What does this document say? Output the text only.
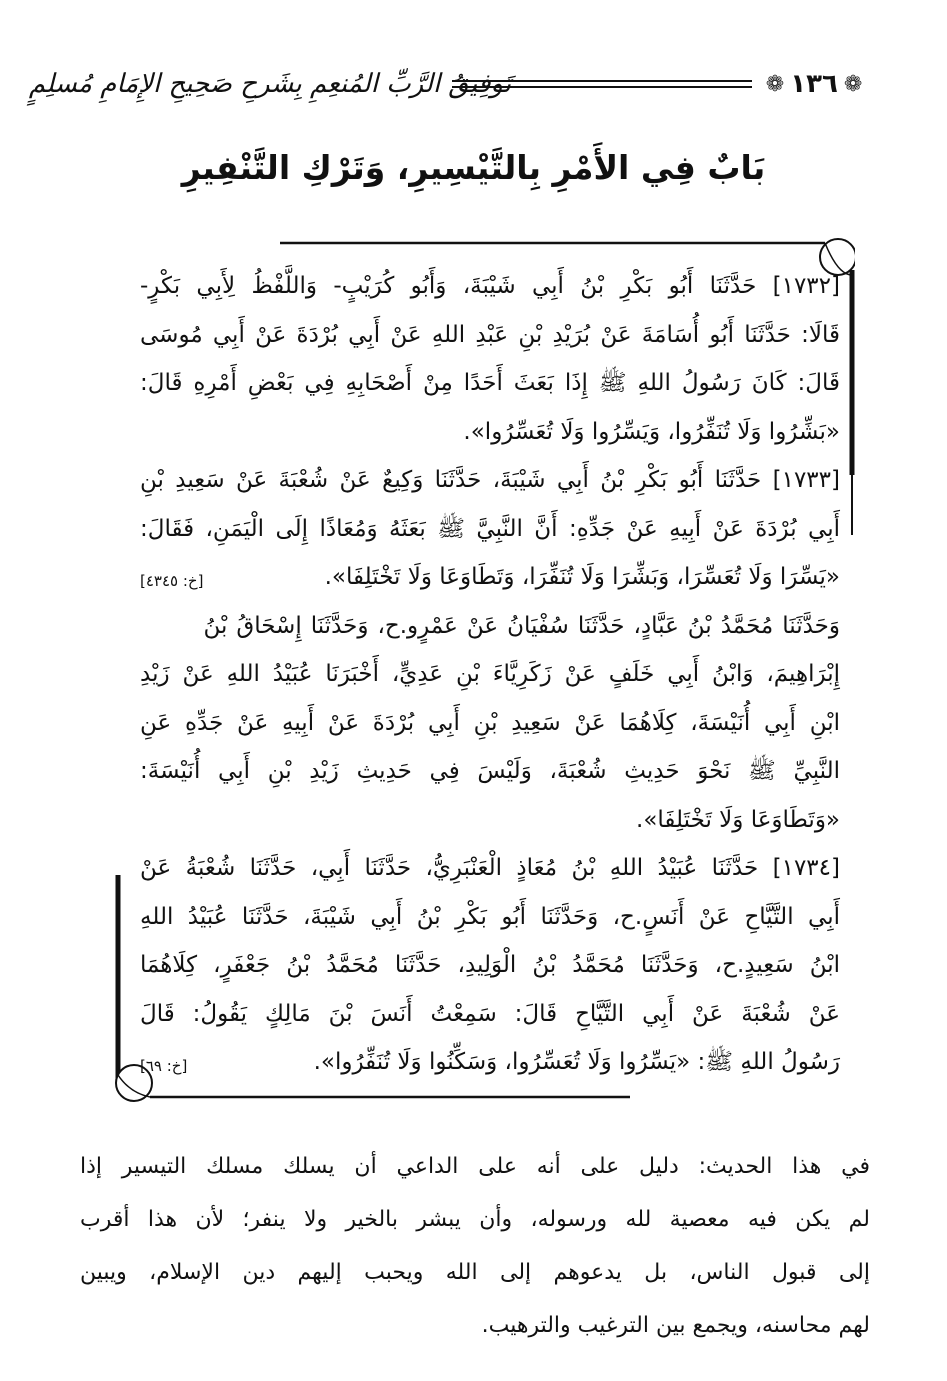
تَوفِيقُ الرَّبِّ المُنعِمِ بِشَرحِ صَحِيحِ الإِمَامِ مُسلِمٍ	❁
١٣٦
❁
بَابٌ فِي الأَمْرِ بِالتَّيْسِيرِ، وَتَرْكِ التَّنْفِيرِ

[١٧٣٢] حَدَّثَنَا أَبُو بَكْرِ بْنُ أَبِي شَيْبَةَ، وَأَبُو كُرَيْبٍ- وَاللَّفْظُ لِأَبِي بَكْرٍ-
قَالَا: حَدَّثَنَا أَبُو أُسَامَةَ عَنْ بُرَيْدِ بْنِ عَبْدِ اللهِ عَنْ أَبِي بُرْدَةَ عَنْ أَبِي مُوسَى
قَالَ: كَانَ رَسُولُ اللهِ ﷺ إِذَا بَعَثَ أَحَدًا مِنْ أَصْحَابِهِ فِي بَعْضِ أَمْرِهِ قَالَ:
«بَشِّرُوا وَلَا تُنَفِّرُوا، وَيَسِّرُوا وَلَا تُعَسِّرُوا».

[١٧٣٣] حَدَّثَنَا أَبُو بَكْرِ بْنُ أَبِي شَيْبَةَ، حَدَّثَنَا وَكِيعٌ عَنْ شُعْبَةَ عَنْ سَعِيدِ بْنِ
أَبِي بُرْدَةَ عَنْ أَبِيهِ عَنْ جَدِّهِ: أَنَّ النَّبِيَّ ﷺ بَعَثَهُ وَمُعَاذًا إِلَى الْيَمَنِ، فَقَالَ:
«يَسِّرَا وَلَا تُعَسِّرَا، وَبَشِّرَا وَلَا تُنَفِّرَا، وَتَطَاوَعَا وَلَا تَخْتَلِفَا».
[خ: ٤٣٤٥]

وَحَدَّثَنَا مُحَمَّدُ بْنُ عَبَّادٍ، حَدَّثَنَا سُفْيَانُ عَنْ عَمْرٍو.ح، وَحَدَّثَنَا إِسْحَاقُ بْنُ
إِبْرَاهِيمَ، وَابْنُ أَبِي خَلَفٍ عَنْ زَكَرِيَّاءَ بْنِ عَدِيٍّ، أَخْبَرَنَا عُبَيْدُ اللهِ عَنْ زَيْدِ
ابْنِ أَبِي أُنَيْسَةَ، كِلَاهُمَا عَنْ سَعِيدِ بْنِ أَبِي بُرْدَةَ عَنْ أَبِيهِ عَنْ جَدِّهِ عَنِ
النَّبِيِّ ﷺ نَحْوَ حَدِيثِ شُعْبَةَ، وَلَيْسَ فِي حَدِيثِ زَيْدِ بْنِ أَبِي أُنَيْسَةَ:
«وَتَطَاوَعَا وَلَا تَخْتَلِفَا».

[١٧٣٤] حَدَّثَنَا عُبَيْدُ اللهِ بْنُ مُعَاذٍ الْعَنْبَرِيُّ، حَدَّثَنَا أَبِي، حَدَّثَنَا شُعْبَةُ عَنْ
أَبِي التَّيَّاحِ عَنْ أَنَسٍ.ح، وَحَدَّثَنَا أَبُو بَكْرِ بْنُ أَبِي شَيْبَةَ، حَدَّثَنَا عُبَيْدُ اللهِ
ابْنُ سَعِيدٍ.ح، وَحَدَّثَنَا مُحَمَّدُ بْنُ الْوَلِيدِ، حَدَّثَنَا مُحَمَّدُ بْنُ جَعْفَرٍ، كِلَاهُمَا
عَنْ شُعْبَةَ عَنْ أَبِي التَّيَّاحِ قَالَ: سَمِعْتُ أَنَسَ بْنَ مَالِكٍ يَقُولُ: قَالَ
رَسُولُ اللهِ ﷺ: «يَسِّرُوا وَلَا تُعَسِّرُوا، وَسَكِّنُوا وَلَا تُنَفِّرُوا».
[خ: ٦٩]

في هذا الحديث: دليل على أنه على الداعي أن يسلك مسلك التيسير إذا
لم يكن فيه معصية لله ورسوله، وأن يبشر بالخير ولا ينفر؛ لأن هذا أقرب
إلى قبول الناس، بل يدعوهم إلى الله ويحبب إليهم دين الإسلام، ويبين
لهم محاسنه، ويجمع بين الترغيب والترهيب.
